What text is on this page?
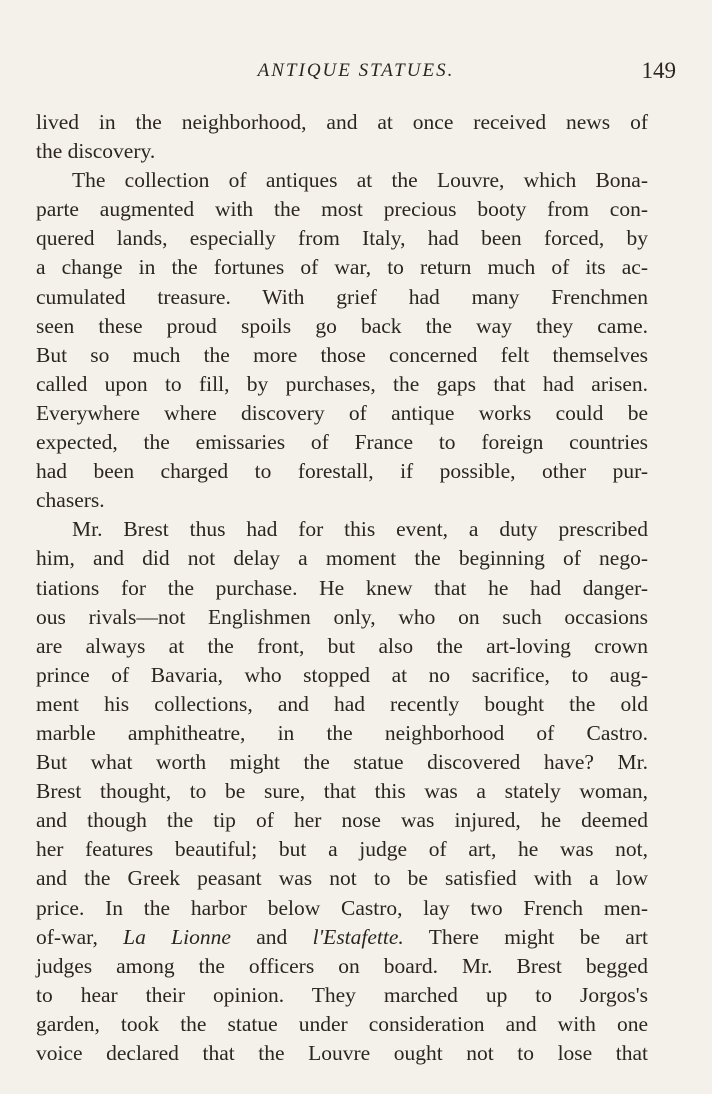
ANTIQUE STATUES.	149
lived in the neighborhood, and at once received news of
the discovery.
The collection of antiques at the Louvre, which Bona-
parte augmented with the most precious booty from con-
quered lands, especially from Italy, had been forced, by
a change in the fortunes of war, to return much of its ac-
cumulated treasure. With grief had many Frenchmen
seen these proud spoils go back the way they came.
But so much the more those concerned felt themselves
called upon to fill, by purchases, the gaps that had arisen.
Everywhere where discovery of antique works could be
expected, the emissaries of France to foreign countries
had been charged to forestall, if possible, other pur-
chasers.
Mr. Brest thus had for this event, a duty prescribed
him, and did not delay a moment the beginning of nego-
tiations for the purchase. He knew that he had danger-
ous rivals—not Englishmen only, who on such occasions
are always at the front, but also the art-loving crown
prince of Bavaria, who stopped at no sacrifice, to aug-
ment his collections, and had recently bought the old
marble amphitheatre, in the neighborhood of Castro.
But what worth might the statue discovered have? Mr.
Brest thought, to be sure, that this was a stately woman,
and though the tip of her nose was injured, he deemed
her features beautiful; but a judge of art, he was not,
and the Greek peasant was not to be satisfied with a low
price. In the harbor below Castro, lay two French men-
of-war, La Lionne and l'Estafette. There might be art
judges among the officers on board. Mr. Brest begged
to hear their opinion. They marched up to Jorgos's
garden, took the statue under consideration and with one
voice declared that the Louvre ought not to lose that
